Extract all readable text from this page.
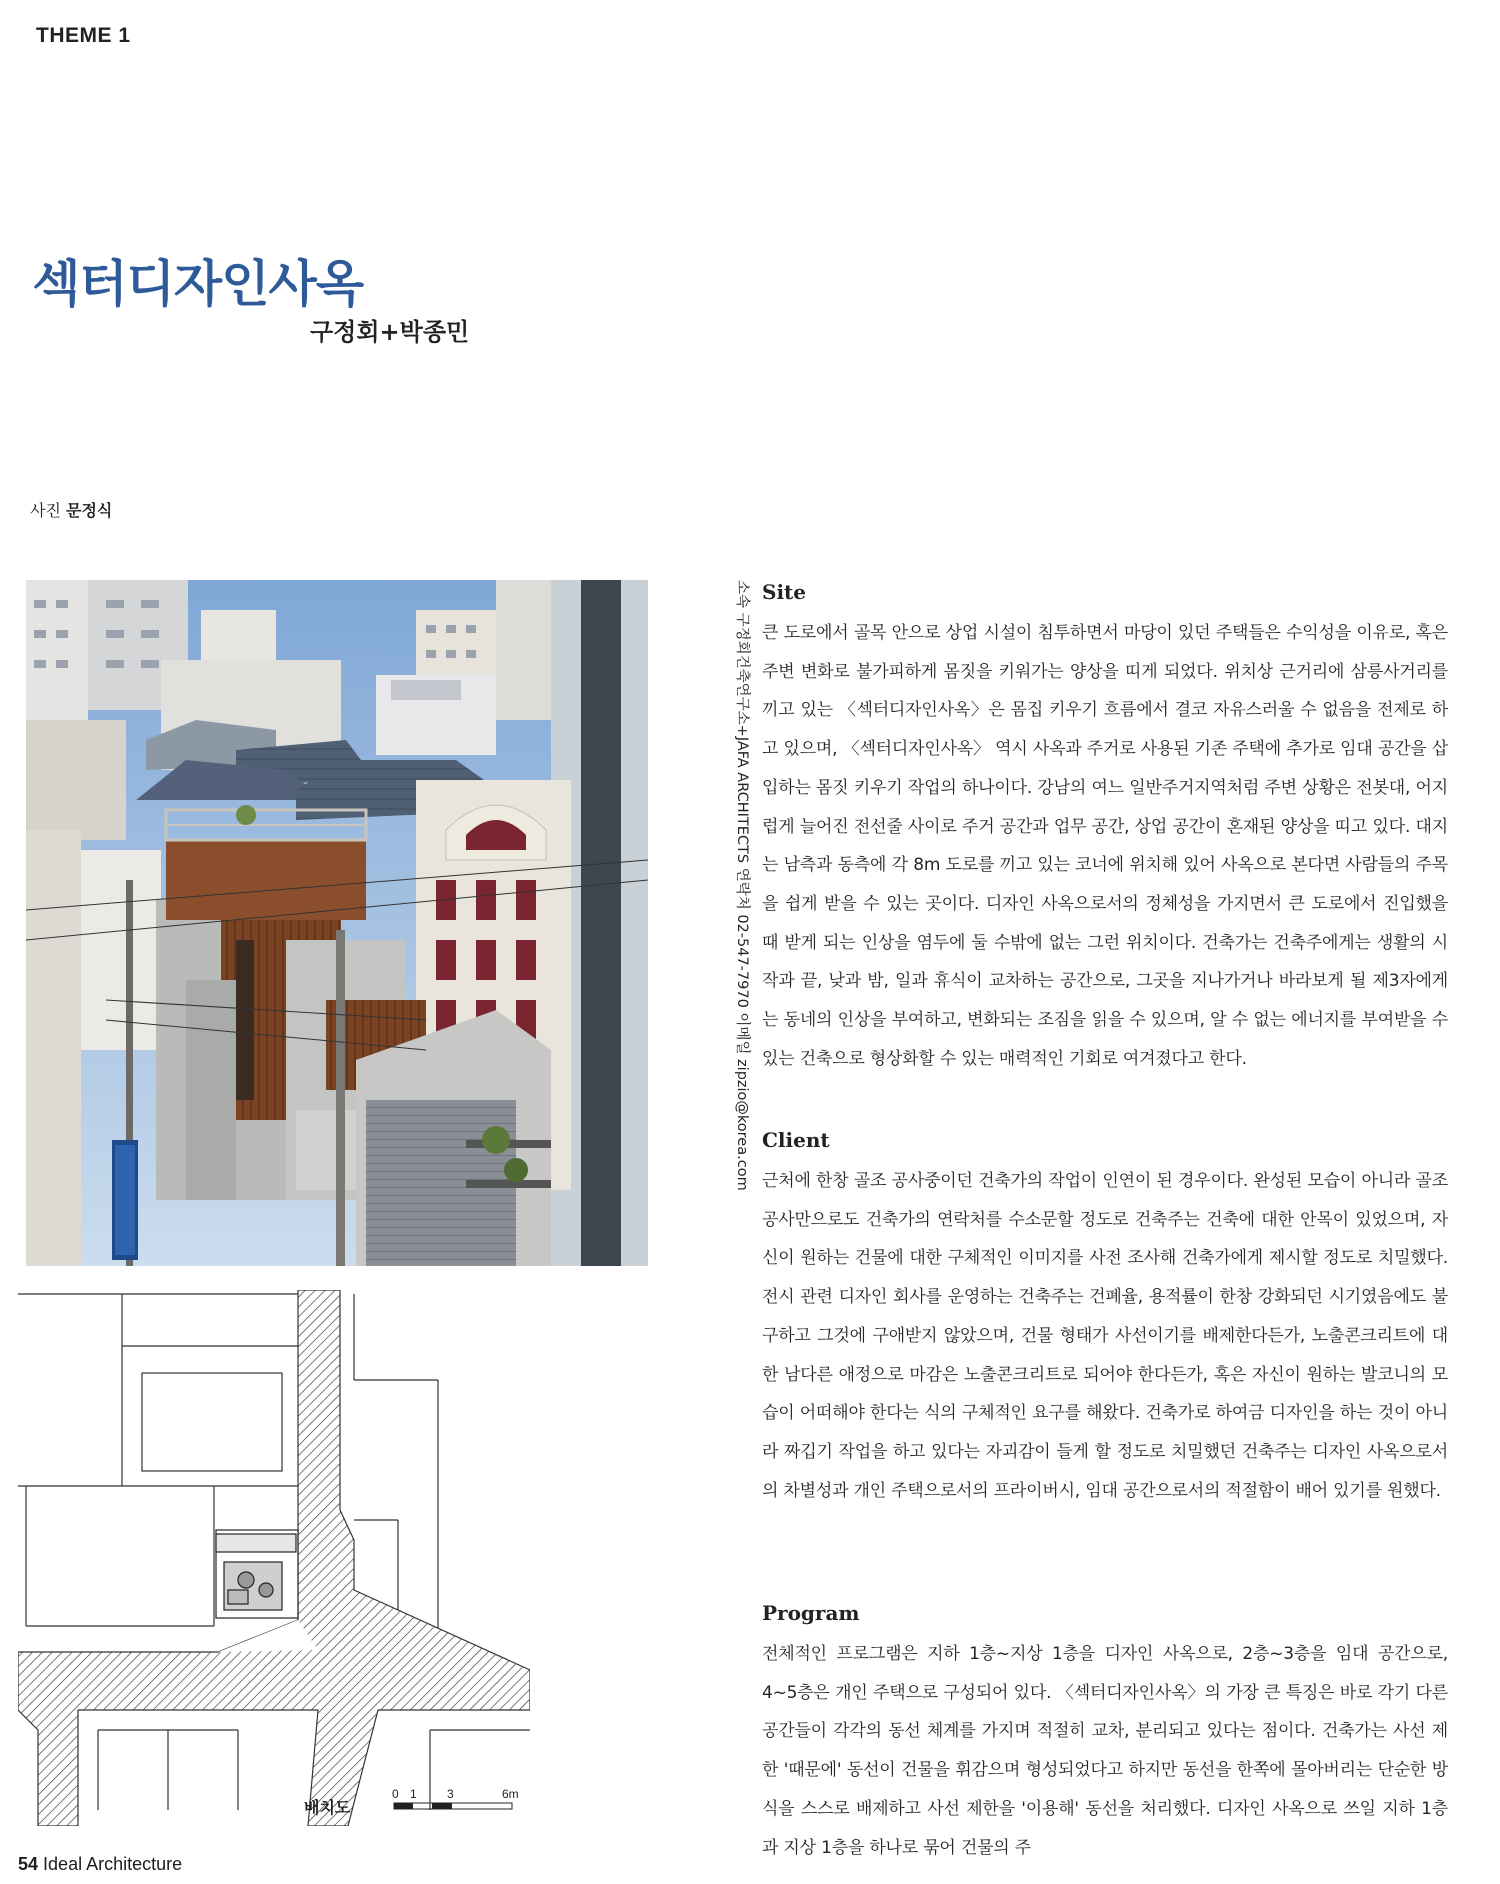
THEME 1
섹터디자인사옥
구정회+박종민
사진 문정식
배치도
0 1	3	6m
소속 구정회건축연구소+JAFA ARCHITECTS 연락처 02-547-7970 이메일 zipzio@korea.com Site

큰 도로에서 골목 안으로 상업 시설이 침투하면서 마당이 있던 주택들은 수익성을 이유로, 혹은 주변 변화로 불가피하게 몸짓을 키워가는 양상을 띠게 되었다. 위치상 근거리에 삼릉사거리를 끼고 있는 〈섹터디자인사옥〉은 몸집 키우기 흐름에서 결코 자유스러울 수 없음을 전제로 하고 있으며, 〈섹터디자인사옥〉 역시 사옥과 주거로 사용된 기존 주택에 추가로 임대 공간을 삽입하는 몸짓 키우기 작업의 하나이다. 강남의 여느 일반주거지역처럼 주변 상황은 전봇대, 어지럽게 늘어진 전선줄 사이로 주거 공간과 업무 공간, 상업 공간이 혼재된 양상을 띠고 있다. 대지는 남측과 동측에 각 8m 도로를 끼고 있는 코너에 위치해 있어 사옥으로 본다면 사람들의 주목을 쉽게 받을 수 있는 곳이다. 디자인 사옥으로서의 정체성을 가지면서 큰 도로에서 진입했을 때 받게 되는 인상을 염두에 둘 수밖에 없는 그런 위치이다. 건축가는 건축주에게는 생활의 시작과 끝, 낮과 밤, 일과 휴식이 교차하는 공간으로, 그곳을 지나가거나 바라보게 될 제3자에게는 동네의 인상을 부여하고, 변화되는 조짐을 읽을 수 있으며, 알 수 없는 에너지를 부여받을 수 있는 건축으로 형상화할 수 있는 매력적인 기회로 여겨졌다고 한다.

Client

근처에 한창 골조 공사중이던 건축가의 작업이 인연이 된 경우이다. 완성된 모습이 아니라 골조 공사만으로도 건축가의 연락처를 수소문할 정도로 건축주는 건축에 대한 안목이 있었으며, 자신이 원하는 건물에 대한 구체적인 이미지를 사전 조사해 건축가에게 제시할 정도로 치밀했다. 전시 관련 디자인 회사를 운영하는 건축주는 건폐율, 용적률이 한창 강화되던 시기였음에도 불구하고 그것에 구애받지 않았으며, 건물 형태가 사선이기를 배제한다든가, 노출콘크리트에 대한 남다른 애정으로 마감은 노출콘크리트로 되어야 한다든가, 혹은 자신이 원하는 발코니의 모습이 어떠해야 한다는 식의 구체적인 요구를 해왔다. 건축가로 하여금 디자인을 하는 것이 아니라 짜깁기 작업을 하고 있다는 자괴감이 들게 할 정도로 치밀했던 건축주는 디자인 사옥으로서의 차별성과 개인 주택으로서의 프라이버시, 임대 공간으로서의 적절함이 배어 있기를 원했다.

Program

전체적인 프로그램은 지하 1층~지상 1층을 디자인 사옥으로, 2층~3층을 임대 공간으로, 4~5층은 개인 주택으로 구성되어 있다. 〈섹터디자인사옥〉의 가장 큰 특징은 바로 각기 다른 공간들이 각각의 동선 체계를 가지며 적절히 교차, 분리되고 있다는 점이다. 건축가는 사선 제한 '때문에' 동선이 건물을 휘감으며 형성되었다고 하지만 동선을 한쪽에 몰아버리는 단순한 방식을 스스로 배제하고 사선 제한을 '이용해' 동선을 처리했다. 디자인 사옥으로 쓰일 지하 1층과 지상 1층을 하나로 묶어 건물의 주

54 Ideal Architecture
